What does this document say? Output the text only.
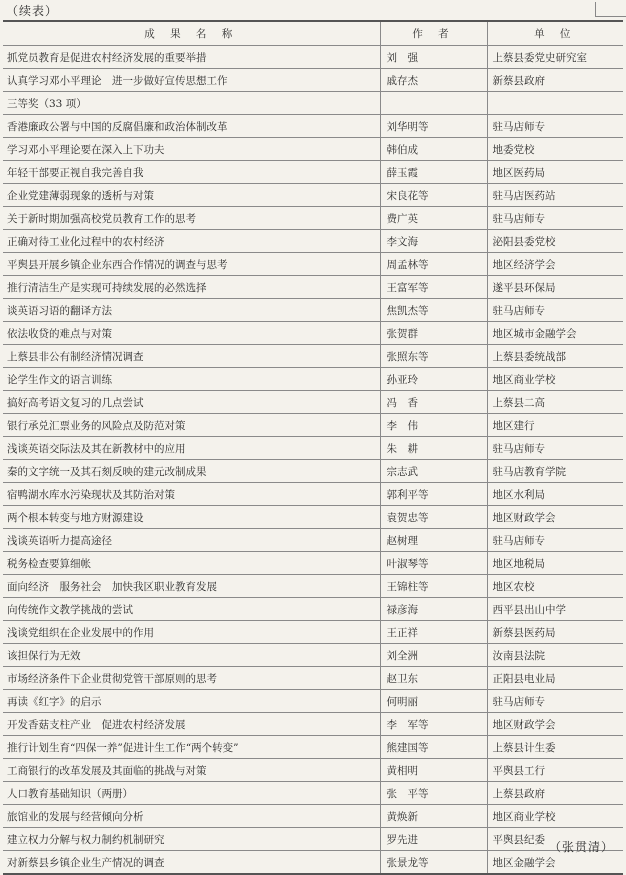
（续表）
成 果 名 称	作 者	单 位
抓党员教育是促进农村经济发展的重要举措	刘　强	上蔡县委党史研究室
认真学习邓小平理论　进一步做好宣传思想工作	戚存杰	新蔡县政府
三等奖（33 项）		
香港廉政公署与中国的反腐倡廉和政治体制改革	刘华明等	驻马店师专
学习邓小平理论要在深入上下功夫	韩伯成	地委党校
年轻干部要正视自我完善自我	薛玉霞	地区医药局
企业党建薄弱现象的透析与对策	宋良花等	驻马店医药站
关于新时期加强高校党员教育工作的思考	费广英	驻马店师专
正确对待工业化过程中的农村经济	李文海	泌阳县委党校
平舆县开展乡镇企业东西合作情况的调查与思考	周孟林等	地区经济学会
推行清洁生产是实现可持续发展的必然选择	王富军等	遂平县环保局
谈英语习语的翻译方法	焦凯杰等	驻马店师专
依法收贷的难点与对策	张贺群	地区城市金融学会
上蔡县非公有制经济情况调查	张照东等	上蔡县委统战部
论学生作文的语言训练	孙亚玲	地区商业学校
搞好高考语文复习的几点尝试	冯　香	上蔡县二高
银行承兑汇票业务的风险点及防范对策	李　伟	地区建行
浅谈英语交际法及其在新教材中的应用	朱　耕	驻马店师专
秦的文字统一及其石刻反映的建元改制成果	宗志武	驻马店教育学院
宿鸭湖水库水污染现状及其防治对策	郭利平等	地区水利局
两个根本转变与地方财源建设	袁贺忠等	地区财政学会
浅谈英语听力提高途径	赵树理	驻马店师专
税务检查要算细帐	叶淑琴等	地区地税局
面向经济　服务社会　加快我区职业教育发展	王锦柱等	地区农校
向传统作文教学挑战的尝试	禄彦海	西平县出山中学
浅谈党组织在企业发展中的作用	王正祥	新蔡县医药局
该担保行为无效	刘全洲	汝南县法院
市场经济条件下企业贯彻党管干部原则的思考	赵卫东	正阳县电业局
再读《红字》的启示	何明丽	驻马店师专
开发香菇支柱产业　促进农村经济发展	李　军等	地区财政学会
推行计划生育“四保一养”促进计生工作“两个转变”	熊建国等	上蔡县计生委
工商银行的改革发展及其面临的挑战与对策	黄相明	平舆县工行
人口教育基础知识（两册）	张　平等	上蔡县政府
旅馆业的发展与经营倾向分析	黄焕新	地区商业学校
建立权力分解与权力制约机制研究	罗先进	平舆县纪委
对新蔡县乡镇企业生产情况的调查	张景龙等	地区金融学会
（张贯清）
